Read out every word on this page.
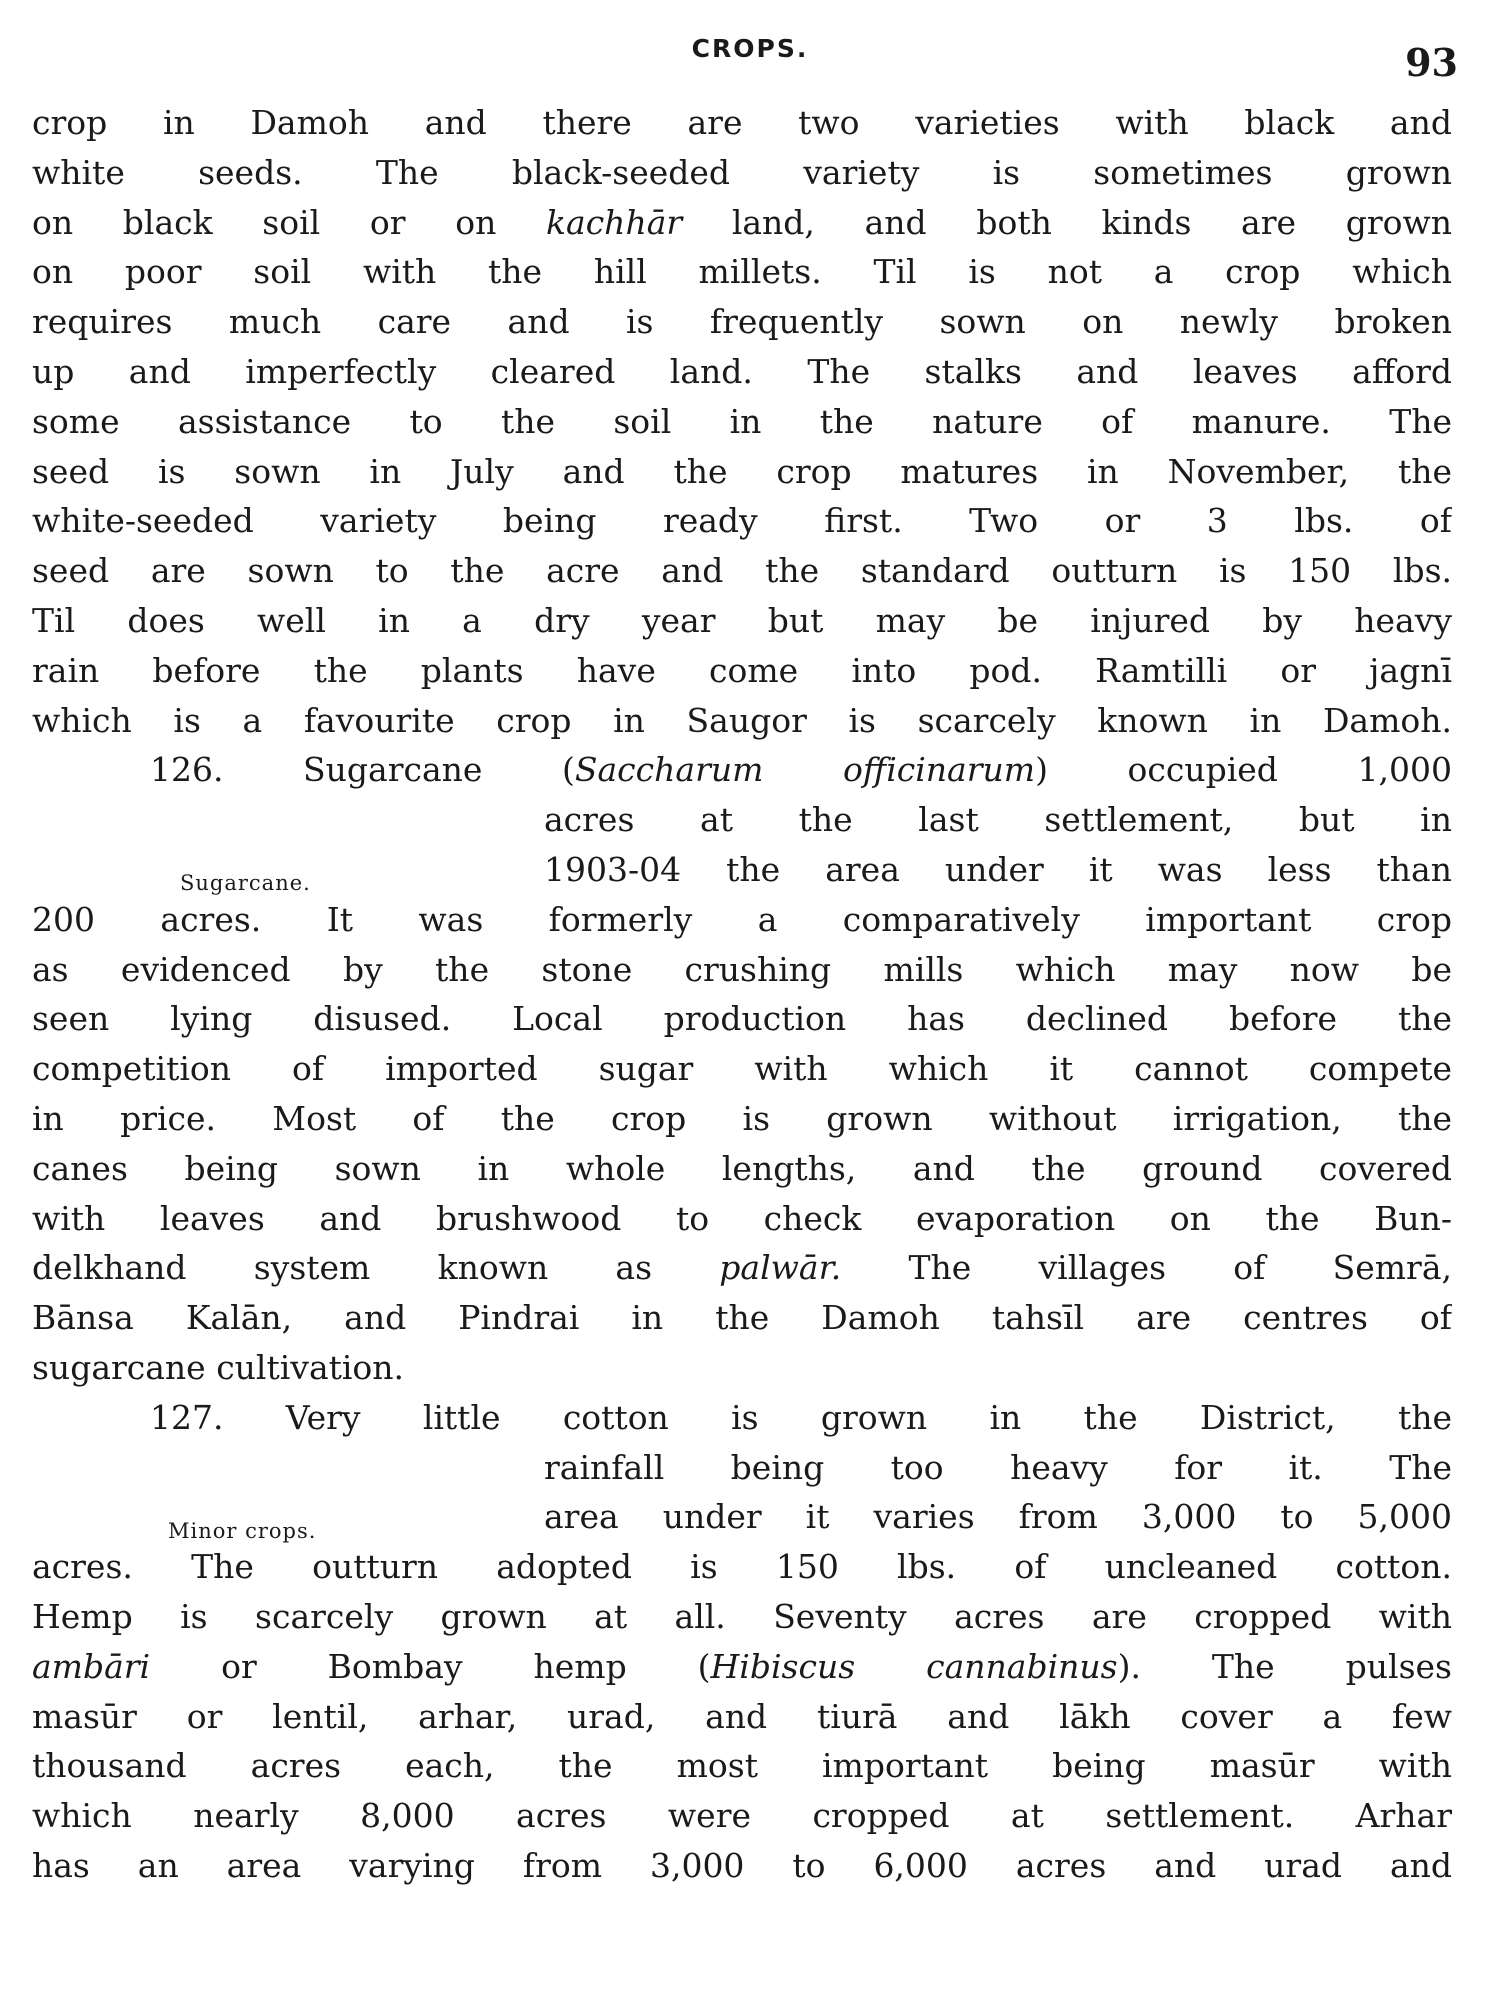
CROPS.	93
crop in Damoh and there are two varieties with black and
white seeds. The black-seeded variety is sometimes grown
on black soil or on kachhār land, and both kinds are grown
on poor soil with the hill millets. Til is not a crop which
requires much care and is frequently sown on newly broken
up and imperfectly cleared land. The stalks and leaves afford
some assistance to the soil in the nature of manure. The
seed is sown in July and the crop matures in November, the
white-seeded variety being ready first. Two or 3 lbs. of
seed are sown to the acre and the standard outturn is 150 lbs.
Til does well in a dry year but may be injured by heavy
rain before the plants have come into pod. Ramtilli or jagnī
which is a favourite crop in Saugor is scarcely known in Damoh.
126. Sugarcane (Saccharum officinarum) occupied 1,000
Sugarcane.
acres at the last settlement, but in
1903-04 the area under it was less than
200 acres. It was formerly a comparatively important crop
as evidenced by the stone crushing mills which may now be
seen lying disused. Local production has declined before the
competition of imported sugar with which it cannot compete
in price. Most of the crop is grown without irrigation, the
canes being sown in whole lengths, and the ground covered
with leaves and brushwood to check evaporation on the Bun-
delkhand system known as palwār. The villages of Semrā,
Bānsa Kalān, and Pindrai in the Damoh tahsīl are centres of
sugarcane cultivation.
127. Very little cotton is grown in the District, the
Minor crops.
rainfall being too heavy for it. The
area under it varies from 3,000 to 5,000
acres. The outturn adopted is 150 lbs. of uncleaned cotton.
Hemp is scarcely grown at all. Seventy acres are cropped with
ambāri or Bombay hemp (Hibiscus cannabinus). The pulses
masūr or lentil, arhar, urad, and tiurā and lākh cover a few
thousand acres each, the most important being masūr with
which nearly 8,000 acres were cropped at settlement. Arhar
has an area varying from 3,000 to 6,000 acres and urad and
